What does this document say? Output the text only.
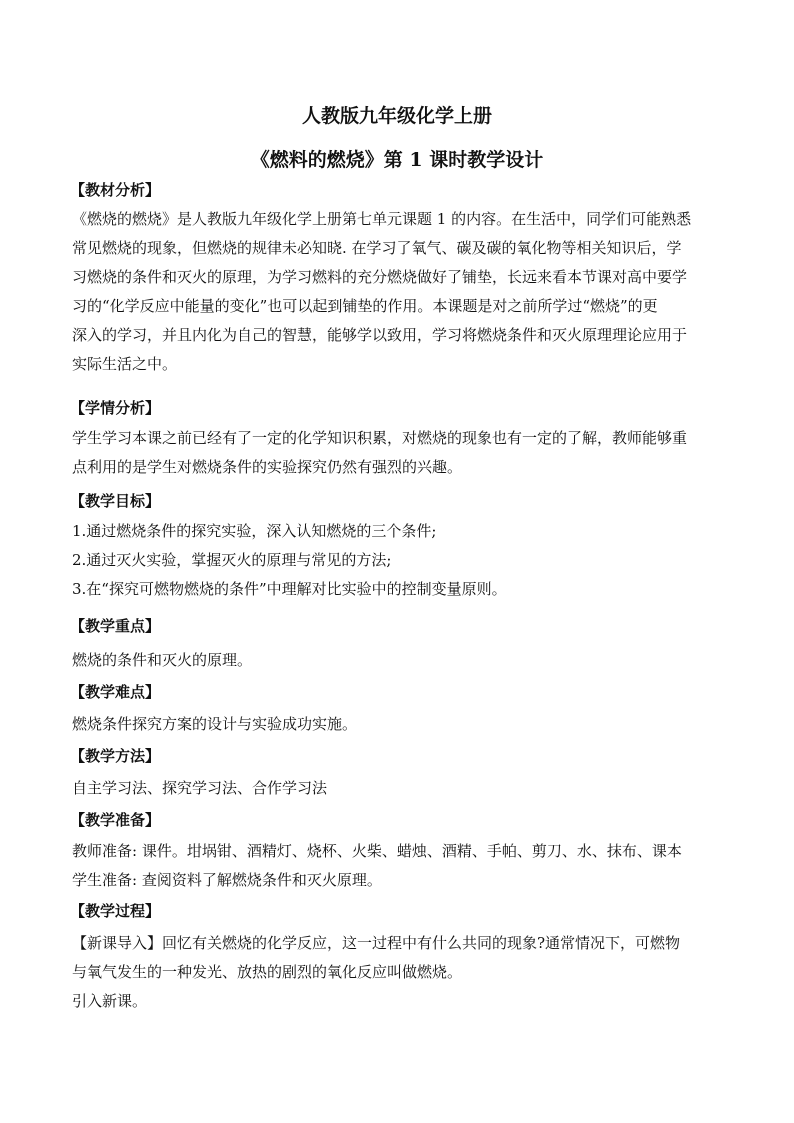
人教版九年级化学上册
《燃料的燃烧》第 1 课时教学设计
【教材分析】
《燃烧的燃烧》是人教版九年级化学上册第七单元课题 1 的内容。在生活中，同学们可能熟悉
常见燃烧的现象，但燃烧的规律未必知晓. 在学习了氧气、碳及碳的氧化物等相关知识后，学
习燃烧的条件和灭火的原理，为学习燃料的充分燃烧做好了铺垫，长远来看本节课对高中要学
习的“化学反应中能量的变化”也可以起到铺垫的作用。本课题是对之前所学过“燃烧”的更
深入的学习，并且内化为自己的智慧，能够学以致用，学习将燃烧条件和灭火原理理论应用于
实际生活之中。
【学情分析】
学生学习本课之前已经有了一定的化学知识积累，对燃烧的现象也有一定的了解，教师能够重
点利用的是学生对燃烧条件的实验探究仍然有强烈的兴趣。
【教学目标】
1.通过燃烧条件的探究实验，深入认知燃烧的三个条件;
2.通过灭火实验，掌握灭火的原理与常见的方法;
3.在“探究可燃物燃烧的条件”中理解对比实验中的控制变量原则。
【教学重点】
燃烧的条件和灭火的原理。
【教学难点】
燃烧条件探究方案的设计与实验成功实施。
【教学方法】
自主学习法、探究学习法、合作学习法
【教学准备】
教师准备: 课件。坩埚钳、酒精灯、烧杯、火柴、蜡烛、酒精、手帕、剪刀、水、抹布、课本
学生准备: 查阅资料了解燃烧条件和灭火原理。
【教学过程】
【新课导入】回忆有关燃烧的化学反应，这一过程中有什么共同的现象?通常情况下，可燃物
与氧气发生的一种发光、放热的剧烈的氧化反应叫做燃烧。
引入新课。
